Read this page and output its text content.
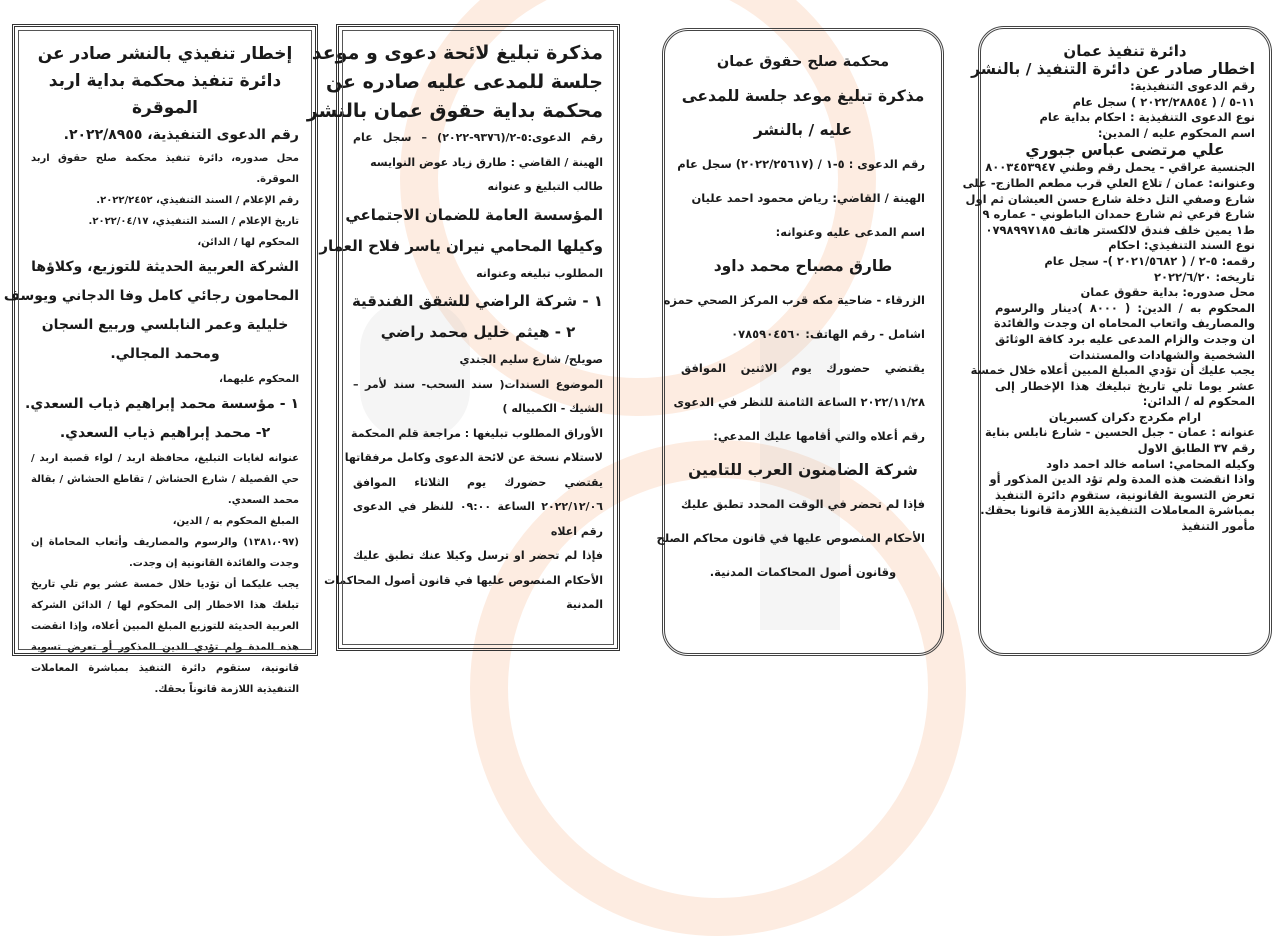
إخطار تنفيذي بالنشر صادر عن
دائرة تنفيذ محكمة بداية اربد
الموقرة
رقم الدعوى التنفيذية، ٢٠٢٢/٨٩٥٥.
محل صدوره، دائرة تنفيذ محكمة صلح حقوق اربد
الموقرة.
رقم الإعلام / السند التنفيذي، ٢٠٢٢/٢٤٥٢.
تاريخ الإعلام / السند التنفيذي، ٢٠٢٢/٠٤/١٧.
المحكوم لها / الدائن،
الشركة العربية الحديثة للتوزيع، وكلاؤها
المحامون رجائي كامل وفا الدجاني ويوسف
خليلية وعمر النابلسي وربيع السجان
ومحمد المجالي.
المحكوم عليهما،
١ - مؤسسة محمد إبراهيم ذياب السعدي.
٢- محمد إبراهيم ذياب السعدي.
عنوانه لغايات التبليغ، محافظة اربد / لواء قصبة اربد /
حي القصيلة / شارع الحشاش / تقاطع الحشاش / بقالة
محمد السعدي.
المبلغ المحكوم به / الدين،
(١٣٨١،٠٩٧) والرسوم والمصاريف وأتعاب المحاماة إن
وجدت والفائدة القانونية إن وجدت.
يجب عليكما أن تؤديا خلال خمسة عشر يوم تلي تاريخ
تبلغك هذا الاخطار إلى المحكوم لها / الدائن الشركة
العربية الحديثة للتوزيع المبلغ المبين أعلاه، وإذا انقضت
هذه المدة ولم تؤدي الدين المذكور أو تعرض تسوية
قانونية، ستقوم دائرة التنفيذ بمباشرة المعاملات
التنفيذية اللازمة قانوناً بحقك.
مذكرة تبليغ لائحة دعوى و موعد
جلسة للمدعى عليه صادره عن
محكمة بداية حقوق عمان بالنشر
رقم الدعوى:٥-٢/(٩٣٧٦-٢٠٢٢) – سجل عام
الهينة / القاضي : طارق زياد عوض النوايسه
طالب التبليغ و عنوانه
المؤسسة العامة للضمان الاجتماعي
وكيلها المحامي نيران ياسر فلاح العمار
المطلوب تبليغه وعنوانه
١ - شركة الراضي للشقق الفندقية
٢ - هيثم خليل محمد راضي
صويلح/ شارع سليم الجندي
الموضوع السندات( سند السحب- سند لأمر –
الشيك - الكمبياله )
الأوراق المطلوب تبليغها : مراجعة قلم المحكمة
لاستلام نسخة عن لائحة الدعوى وكامل مرفقاتها
يقتضي حضورك يوم الثلاثاء الموافق
٢٠٢٢/١٢/٠٦ الساعة ٠٩:٠٠ للنظر في الدعوى
رقم اعلاه
فإذا لم تحضر او ترسل وكيلا عنك تطبق عليك
الأحكام المنصوص عليها في قانون أصول المحاكمات
المدنية
محكمة صلح حقوق عمان
مذكرة تبليغ موعد جلسة للمدعى
عليه / بالنشر
رقم الدعوى : ٥-١ / (٢٠٢٢/٢٥٦١٧) سجل عام
الهينة / القاضي: رياض محمود احمد عليان
اسم المدعى عليه وعنوانه:
طارق مصباح محمد داود
الزرقاء - ضاحية مكه قرب المركز الصحي حمزه
اشامل - رقم الهاتف: ٠٧٨٥٩٠٤٥٦٠
يقتضي حضورك يوم الاثنين الموافق
٢٠٢٢/١١/٢٨ الساعة الثامنة للنظر في الدعوى
رقم أعلاه والتي أقامها عليك المدعي:
شركة الضامنون العرب للتامين
فإذا لم تحضر في الوقت المحدد تطبق عليك
الأحكام المنصوص عليها في قانون محاكم الصلح
وقانون أصول المحاكمات المدنية.
دائرة تنفيذ عمان
اخطار صادر عن دائرة التنفيذ / بالنشر
رقم الدعوى التنفيذية:
١١-٥ / ( ٢٠٢٢/٢٨٨٥٤ ) سجل عام
نوع الدعوى التنفيذية : احكام بداية عام
اسم المحكوم عليه / المدين:
علي مرتضى عباس جبوري
الجنسية عراقي - يحمل رقم وطني ٨٠٠٣٤٥٣٩٤٧
وعنوانه: عمان / تلاع العلي قرب مطعم الطازج- على
شارع وصفي التل دخلة شارع حسن العيشان ثم اول
شارع فرعي ثم شارع حمدان الباطوني - عماره ٩
ط١ يمين خلف فندق لالكستر هاتف ٠٧٩٨٩٩٧١٨٥
نوع السند التنفيذي: احكام
رقمه: ٥-٢ / ( ٢٠٢١/٥٦٨٢ )- سجل عام
تاريخه: ٢٠٢٢/٦/٢٠
محل صدوره: بداية حقوق عمان
المحكوم به / الدين: ( ٨٠٠٠ )دينار والرسوم
والمصاريف واتعاب المحاماه ان وجدت والفائدة
ان وجدت والزام المدعى عليه برد كافة الوثائق
الشخصية والشهادات والمستندات
يجب عليك أن تؤدي المبلغ المبين أعلاه خلال خمسة
عشر يوما تلي تاريخ تبليغك هذا الإخطار إلى
المحكوم له / الدائن:
ارام مكردج دكران كسبريان
عنوانه : عمان - جبل الحسين - شارع نابلس بناية
رقم ٣٧ الطابق الاول
وكيله المحامي: اسامه خالد احمد داود
واذا انقضت هذه المدة ولم تؤد الدين المذكور أو
تعرض التسوية القانونية، ستقوم دائرة التنفيذ
بمباشرة المعاملات التنفيذية اللازمة قانونا بحقك.
مأمور التنفيذ
